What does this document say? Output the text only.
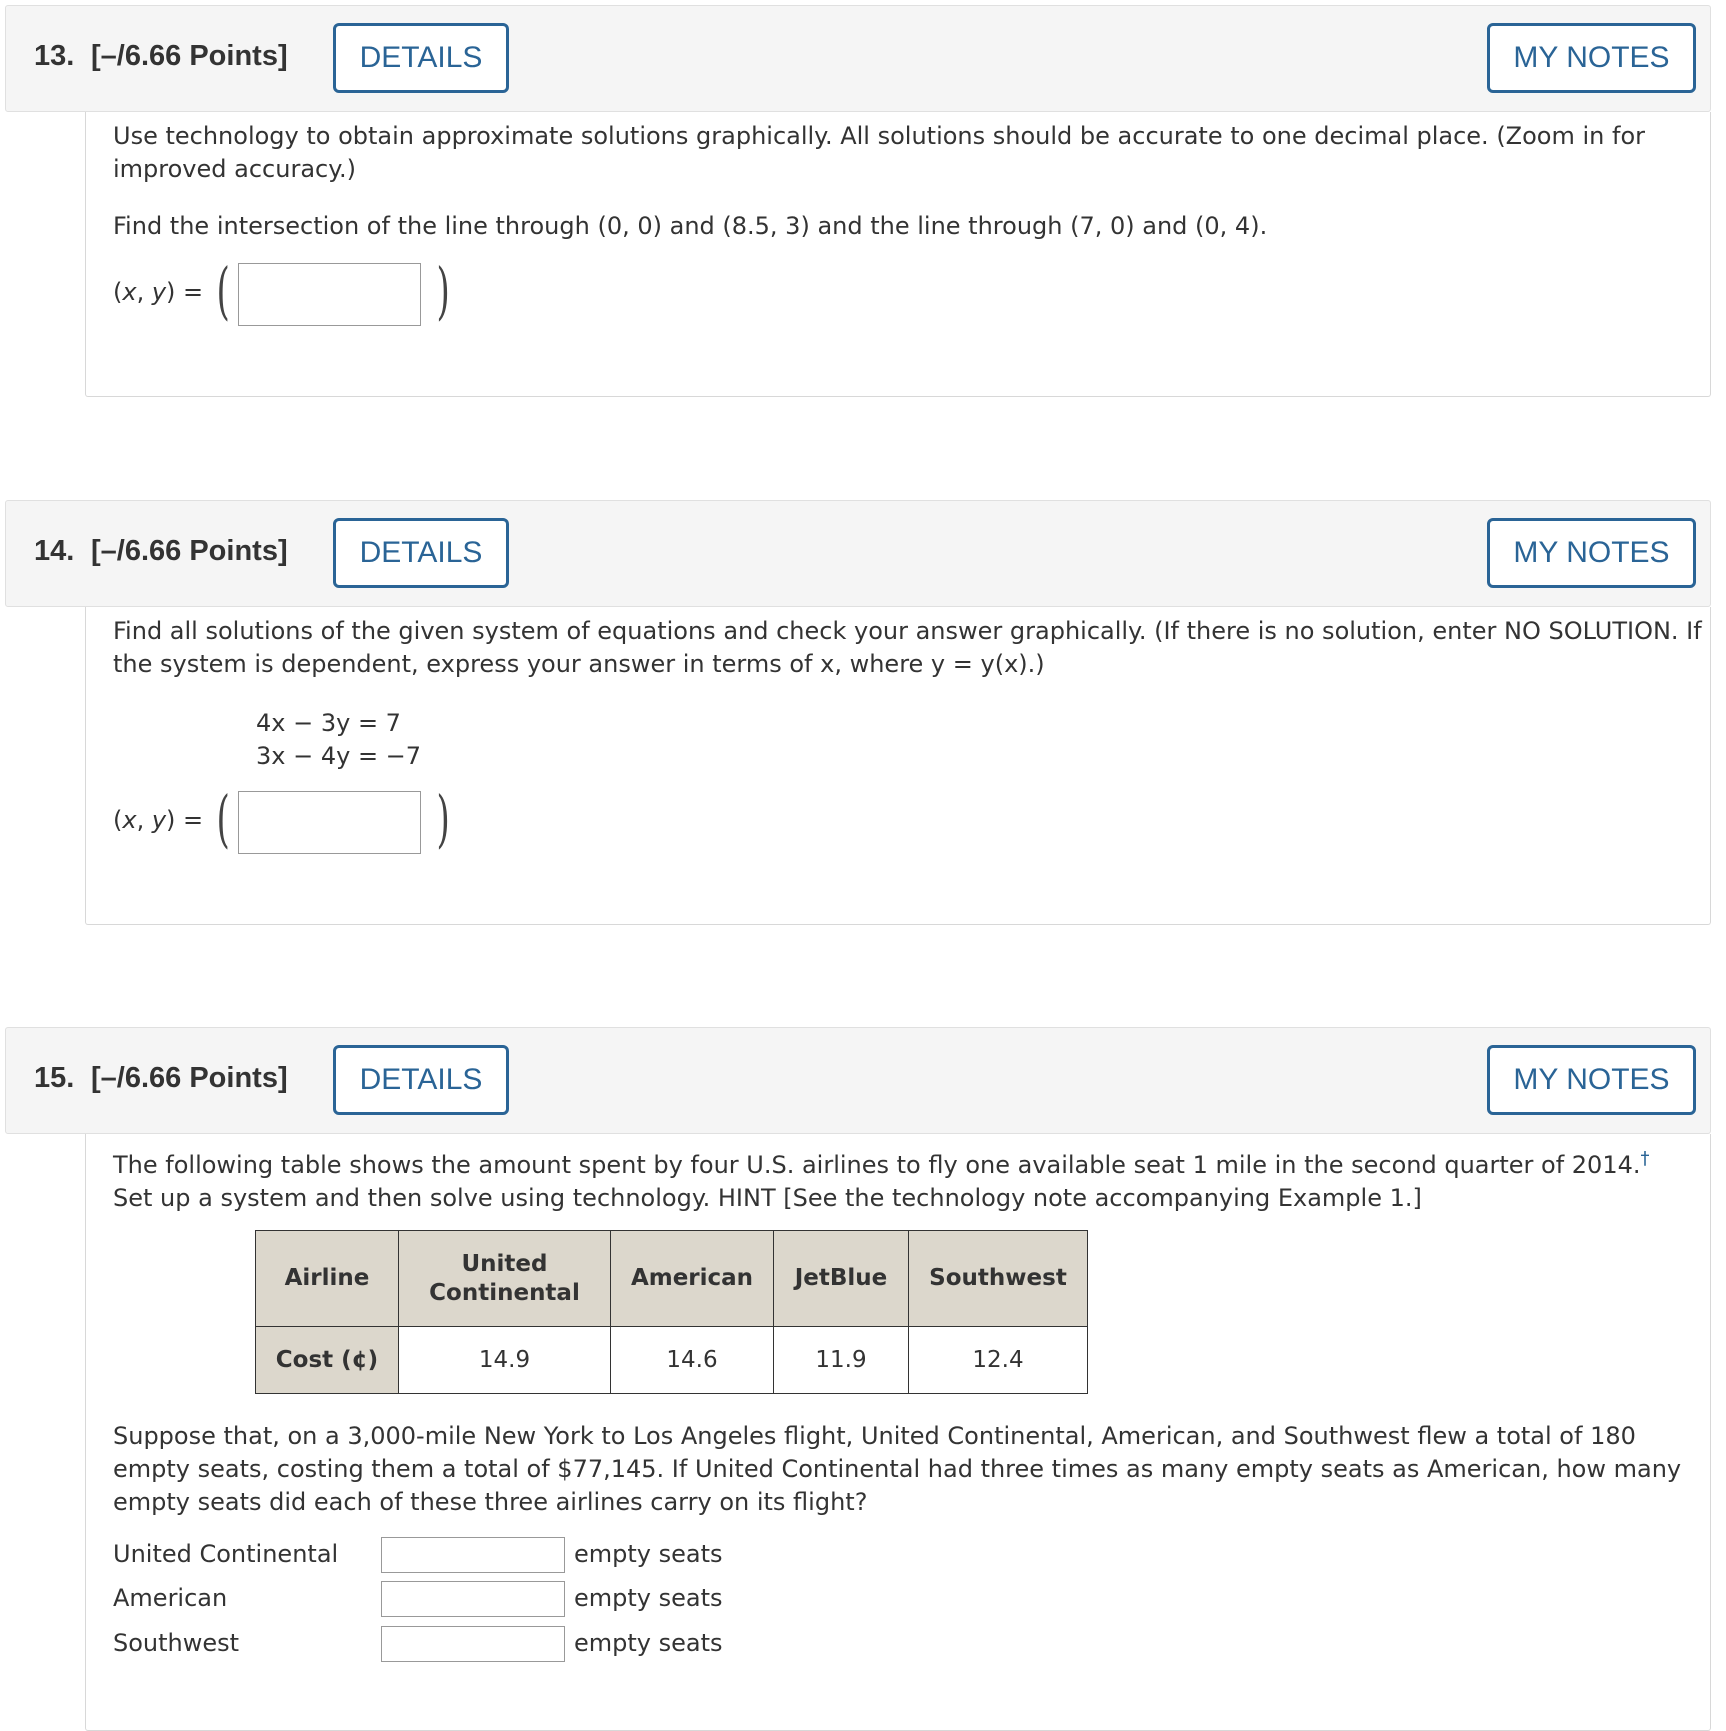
13. [–/6.66 Points]	DETAILS	MY NOTES
Use technology to obtain approximate solutions graphically. All solutions should be accurate to one decimal place. (Zoom in for improved accuracy.)
Find the intersection of the line through (0, 0) and (8.5, 3) and the line through (7, 0) and (0, 4).
(x, y) = (	)
14. [–/6.66 Points]	DETAILS	MY NOTES
Find all solutions of the given system of equations and check your answer graphically. (If there is no solution, enter NO SOLUTION. If the system is dependent, express your answer in terms of x, where y = y(x).)
4x − 3y = 7
3x − 4y = −7
(x, y) = (	)
15. [–/6.66 Points]	DETAILS	MY NOTES
The following table shows the amount spent by four U.S. airlines to fly one available seat 1 mile in the second quarter of 2014.†
Set up a system and then solve using technology. HINT [See the technology note accompanying Example 1.]
Airline	United Continental	American	JetBlue	Southwest
Cost (¢)	14.9	14.6	11.9	12.4
Suppose that, on a 3,000-mile New York to Los Angeles flight, United Continental, American, and Southwest flew a total of 180 empty seats, costing them a total of $77,145. If United Continental had three times as many empty seats as American, how many empty seats did each of these three airlines carry on its flight?
United Continental	empty seats
American	empty seats
Southwest	empty seats
